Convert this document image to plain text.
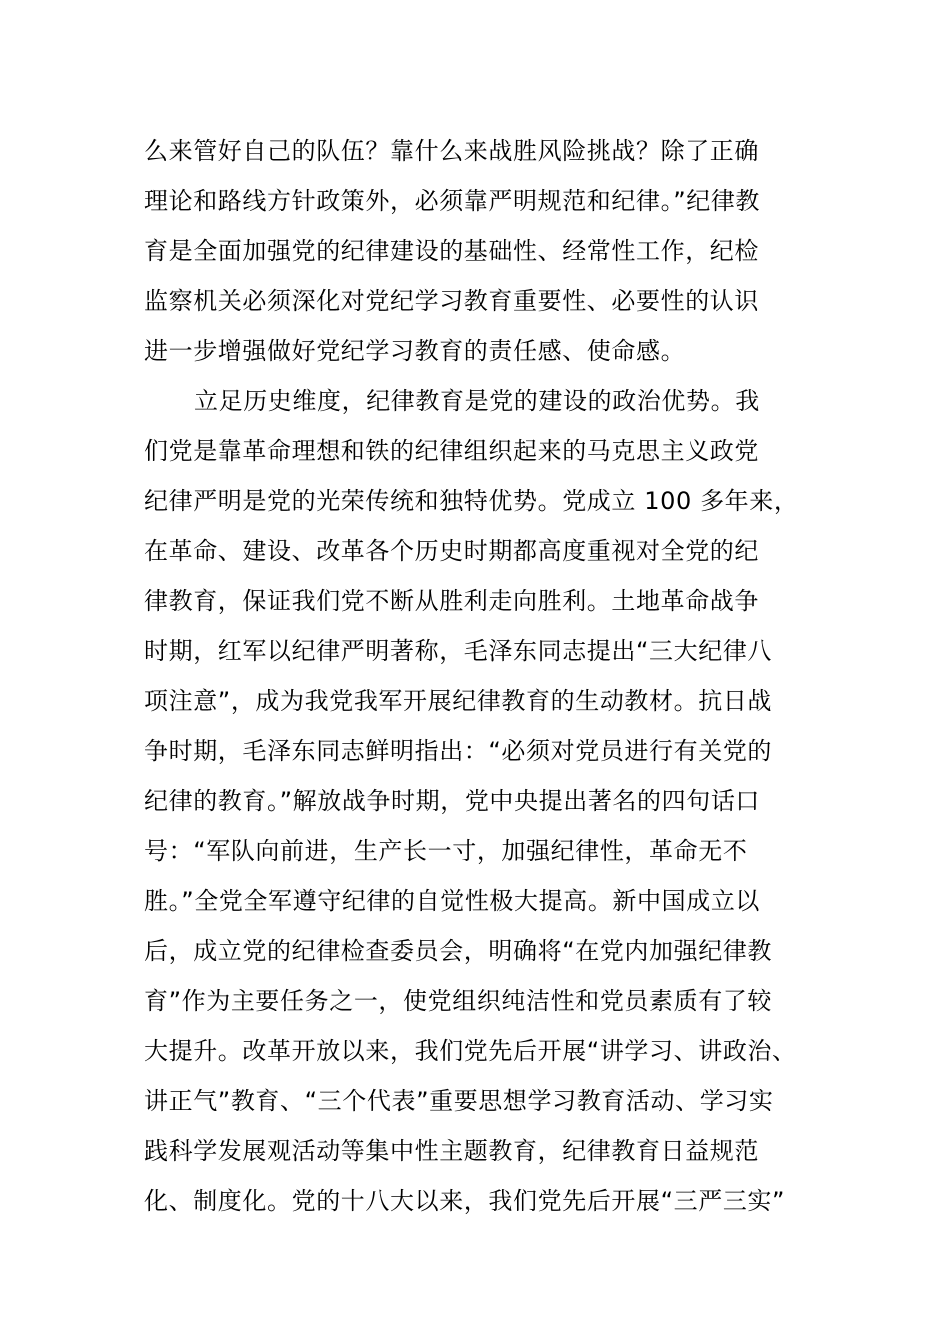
么来管好自己的队伍？靠什么来战胜风险挑战？除了正确
理论和路线方针政策外，必须靠严明规范和纪律。”纪律教
育是全面加强党的纪律建设的基础性、经常性工作，纪检
监察机关必须深化对党纪学习教育重要性、必要性的认识
进一步增强做好党纪学习教育的责任感、使命感。
立足历史维度，纪律教育是党的建设的政治优势。我
们党是靠革命理想和铁的纪律组织起来的马克思主义政党
纪律严明是党的光荣传统和独特优势。党成立 100 多年来，
在革命、建设、改革各个历史时期都高度重视对全党的纪
律教育，保证我们党不断从胜利走向胜利。土地革命战争
时期，红军以纪律严明著称，毛泽东同志提出“三大纪律八
项注意”，成为我党我军开展纪律教育的生动教材。抗日战
争时期，毛泽东同志鲜明指出：“必须对党员进行有关党的
纪律的教育。”解放战争时期，党中央提出著名的四句话口
号：“军队向前进，生产长一寸，加强纪律性，革命无不
胜。”全党全军遵守纪律的自觉性极大提高。新中国成立以
后，成立党的纪律检查委员会，明确将“在党内加强纪律教
育”作为主要任务之一，使党组织纯洁性和党员素质有了较
大提升。改革开放以来，我们党先后开展“讲学习、讲政治、
讲正气”教育、“三个代表”重要思想学习教育活动、学习实
践科学发展观活动等集中性主题教育，纪律教育日益规范
化、制度化。党的十八大以来，我们党先后开展“三严三实”
